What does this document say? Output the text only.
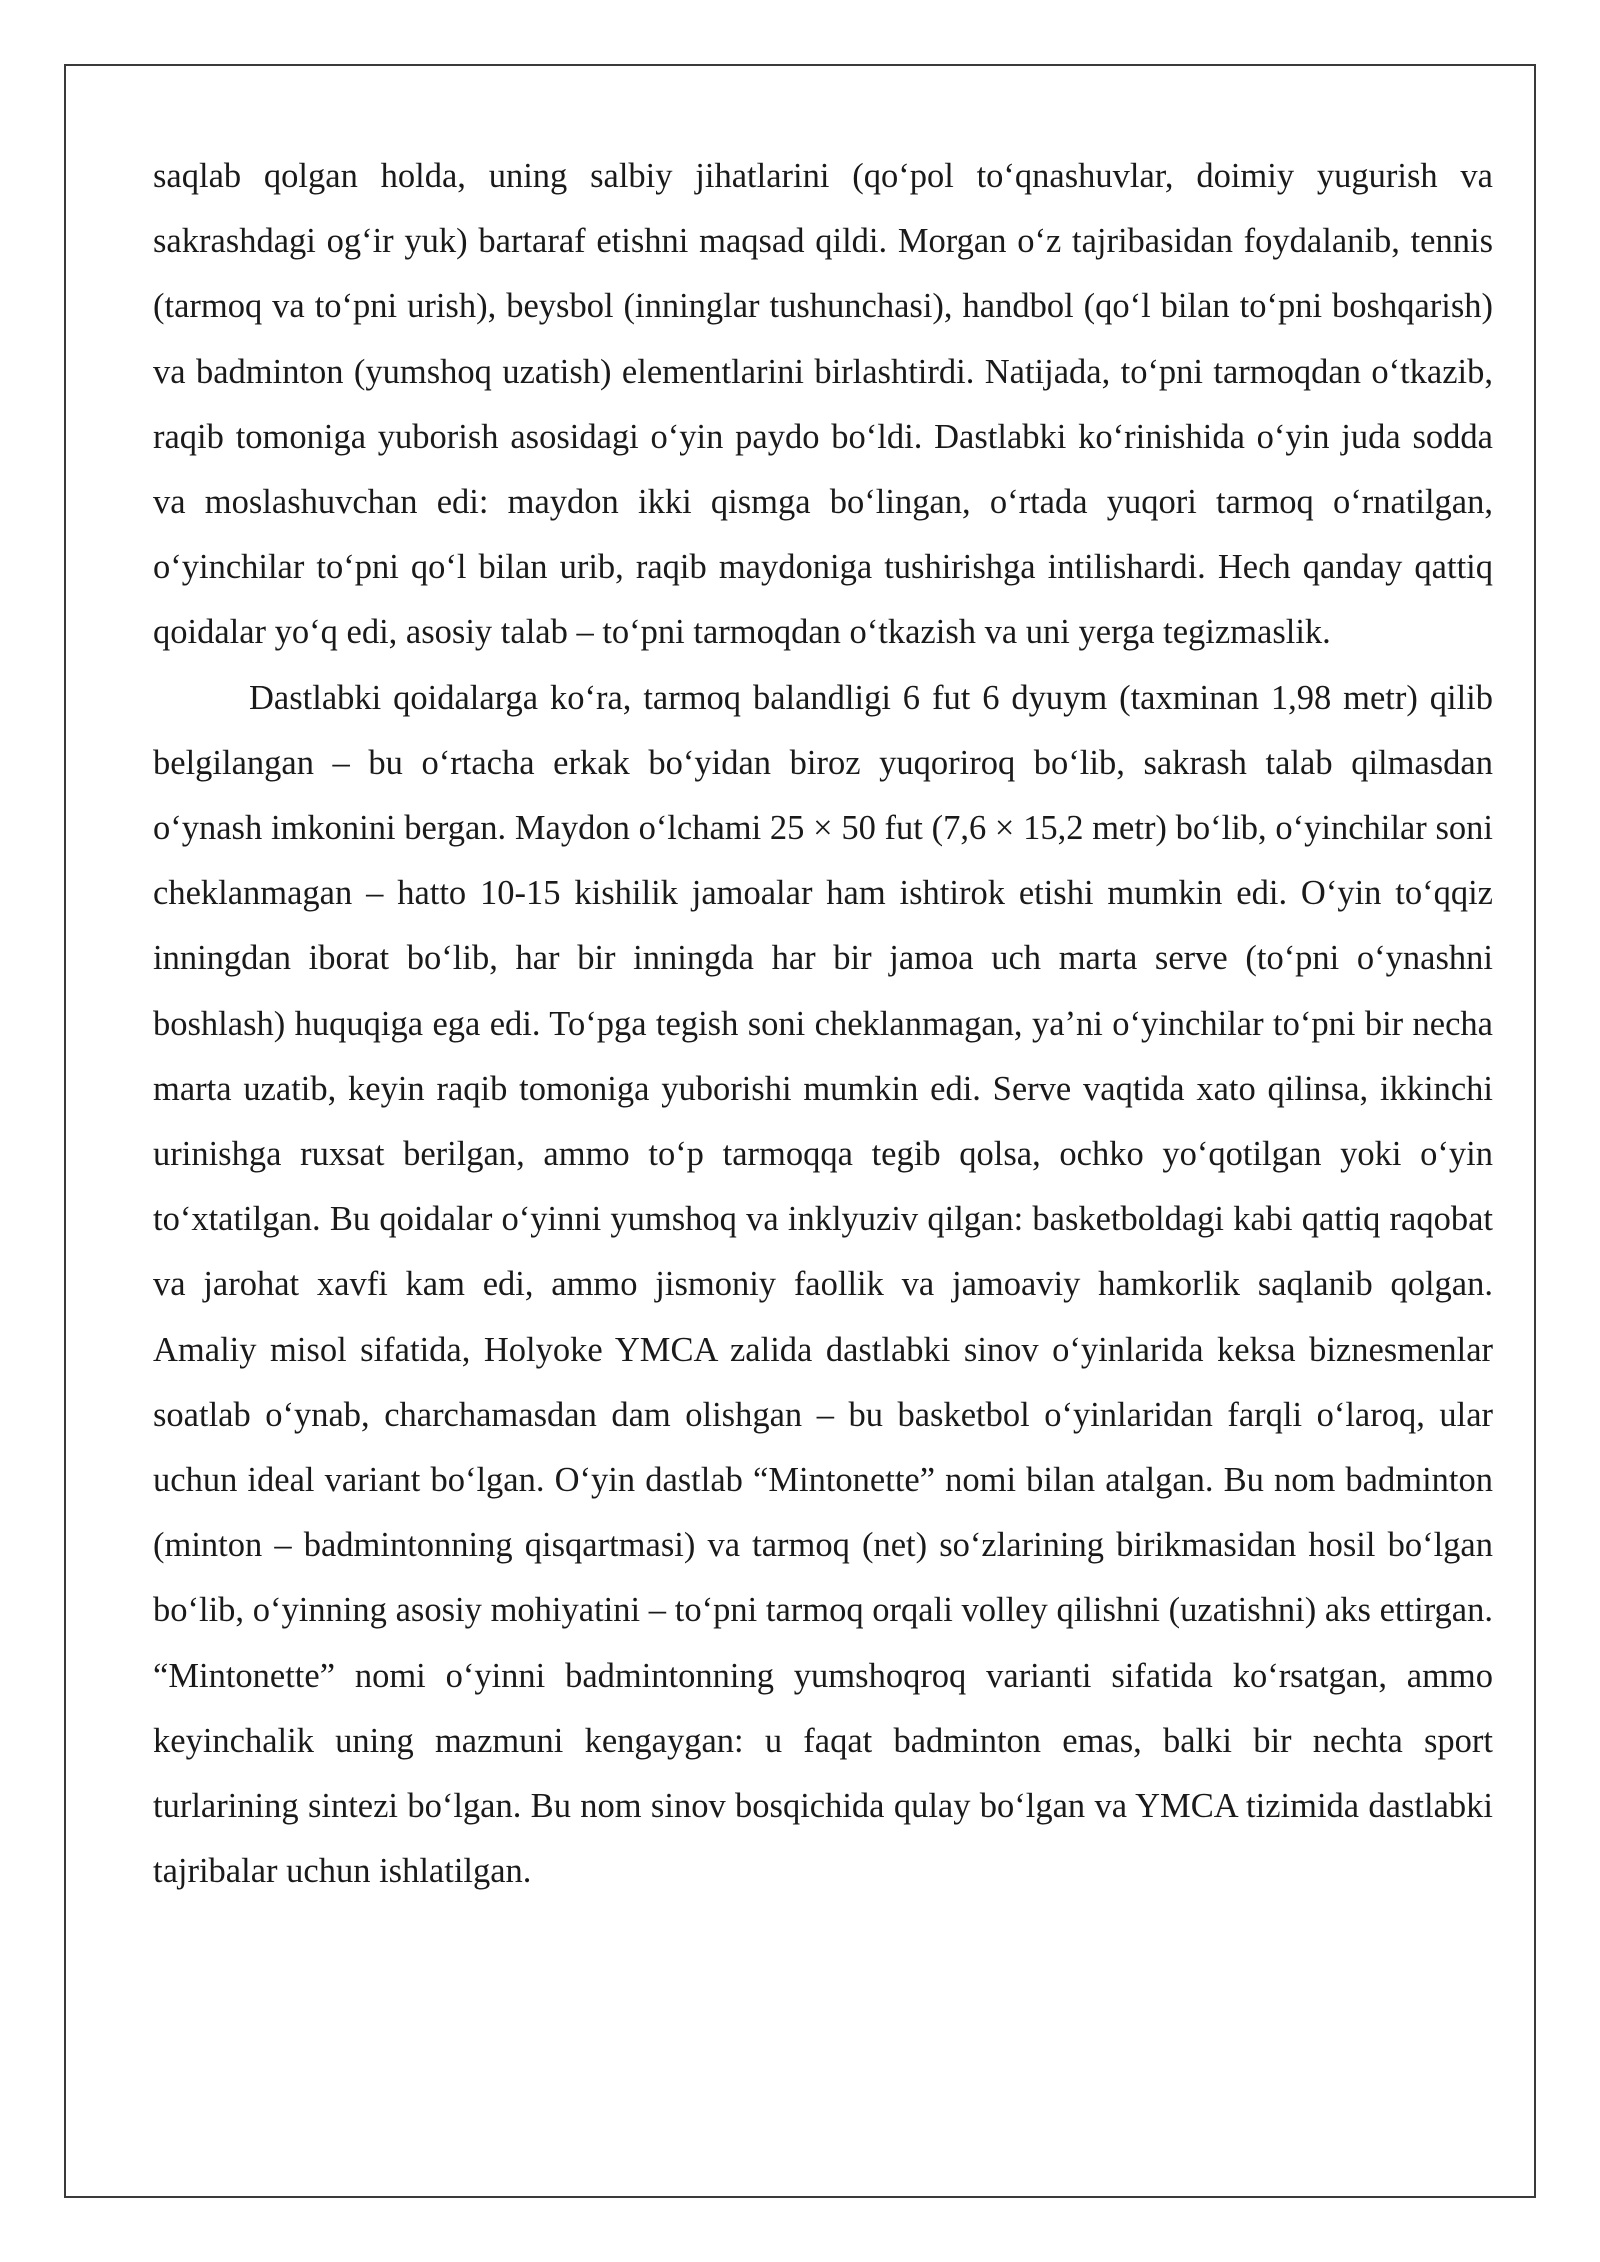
saqlab qolgan holda, uning salbiy jihatlarini (qoʻpol toʻqnashuvlar, doimiy yugurish va sakrashdagi ogʻir yuk) bartaraf etishni maqsad qildi. Morgan oʻz tajribasidan foydalanib, tennis (tarmoq va toʻpni urish), beysbol (inninglar tushunchasi), handbol (qoʻl bilan toʻpni boshqarish) va badminton (yumshoq uzatish) elementlarini birlashtirdi. Natijada, toʻpni tarmoqdan oʻtkazib, raqib tomoniga yuborish asosidagi oʻyin paydo boʻldi. Dastlabki koʻrinishida oʻyin juda sodda va moslashuvchan edi: maydon ikki qismga boʻlingan, oʻrtada yuqori tarmoq oʻrnatilgan, oʻyinchilar toʻpni qoʻl bilan urib, raqib maydoniga tushirishga intilishardi. Hech qanday qattiq qoidalar yoʻq edi, asosiy talab – toʻpni tarmoqdan oʻtkazish va uni yerga tegizmaslik.

Dastlabki qoidalarga koʻra, tarmoq balandligi 6 fut 6 dyuym (taxminan 1,98 metr) qilib belgilangan – bu oʻrtacha erkak boʻyidan biroz yuqoriroq boʻlib, sakrash talab qilmasdan oʻynash imkonini bergan. Maydon oʻlchami 25 × 50 fut (7,6 × 15,2 metr) boʻlib, oʻyinchilar soni cheklanmagan – hatto 10-15 kishilik jamoalar ham ishtirok etishi mumkin edi. Oʻyin toʻqqiz inningdan iborat boʻlib, har bir inningda har bir jamoa uch marta serve (toʻpni oʻynashni boshlash) huquqiga ega edi. Toʻpga tegish soni cheklanmagan, yaʼni oʻyinchilar toʻpni bir necha marta uzatib, keyin raqib tomoniga yuborishi mumkin edi. Serve vaqtida xato qilinsa, ikkinchi urinishga ruxsat berilgan, ammo toʻp tarmoqqa tegib qolsa, ochko yoʻqotilgan yoki oʻyin toʻxtatilgan. Bu qoidalar oʻyinni yumshoq va inklyuziv qilgan: basketboldagi kabi qattiq raqobat va jarohat xavfi kam edi, ammo jismoniy faollik va jamoaviy hamkorlik saqlanib qolgan. Amaliy misol sifatida, Holyoke YMCA zalida dastlabki sinov oʻyinlarida keksa biznesmenlar soatlab oʻynab, charchamasdan dam olishgan – bu basketbol oʻyinlaridan farqli oʻlaroq, ular uchun ideal variant boʻlgan. Oʻyin dastlab “Mintonette” nomi bilan atalgan. Bu nom badminton (minton – badmintonning qisqartmasi) va tarmoq (net) soʻzlarining birikmasidan hosil boʻlgan boʻlib, oʻyinning asosiy mohiyatini – toʻpni tarmoq orqali volley qilishni (uzatishni) aks ettirgan. “Mintonette” nomi oʻyinni badmintonning yumshoqroq varianti sifatida koʻrsatgan, ammo keyinchalik uning mazmuni kengaygan: u faqat badminton emas, balki bir nechta sport turlarining sintezi boʻlgan. Bu nom sinov bosqichida qulay boʻlgan va YMCA tizimida dastlabki tajribalar uchun ishlatilgan.
